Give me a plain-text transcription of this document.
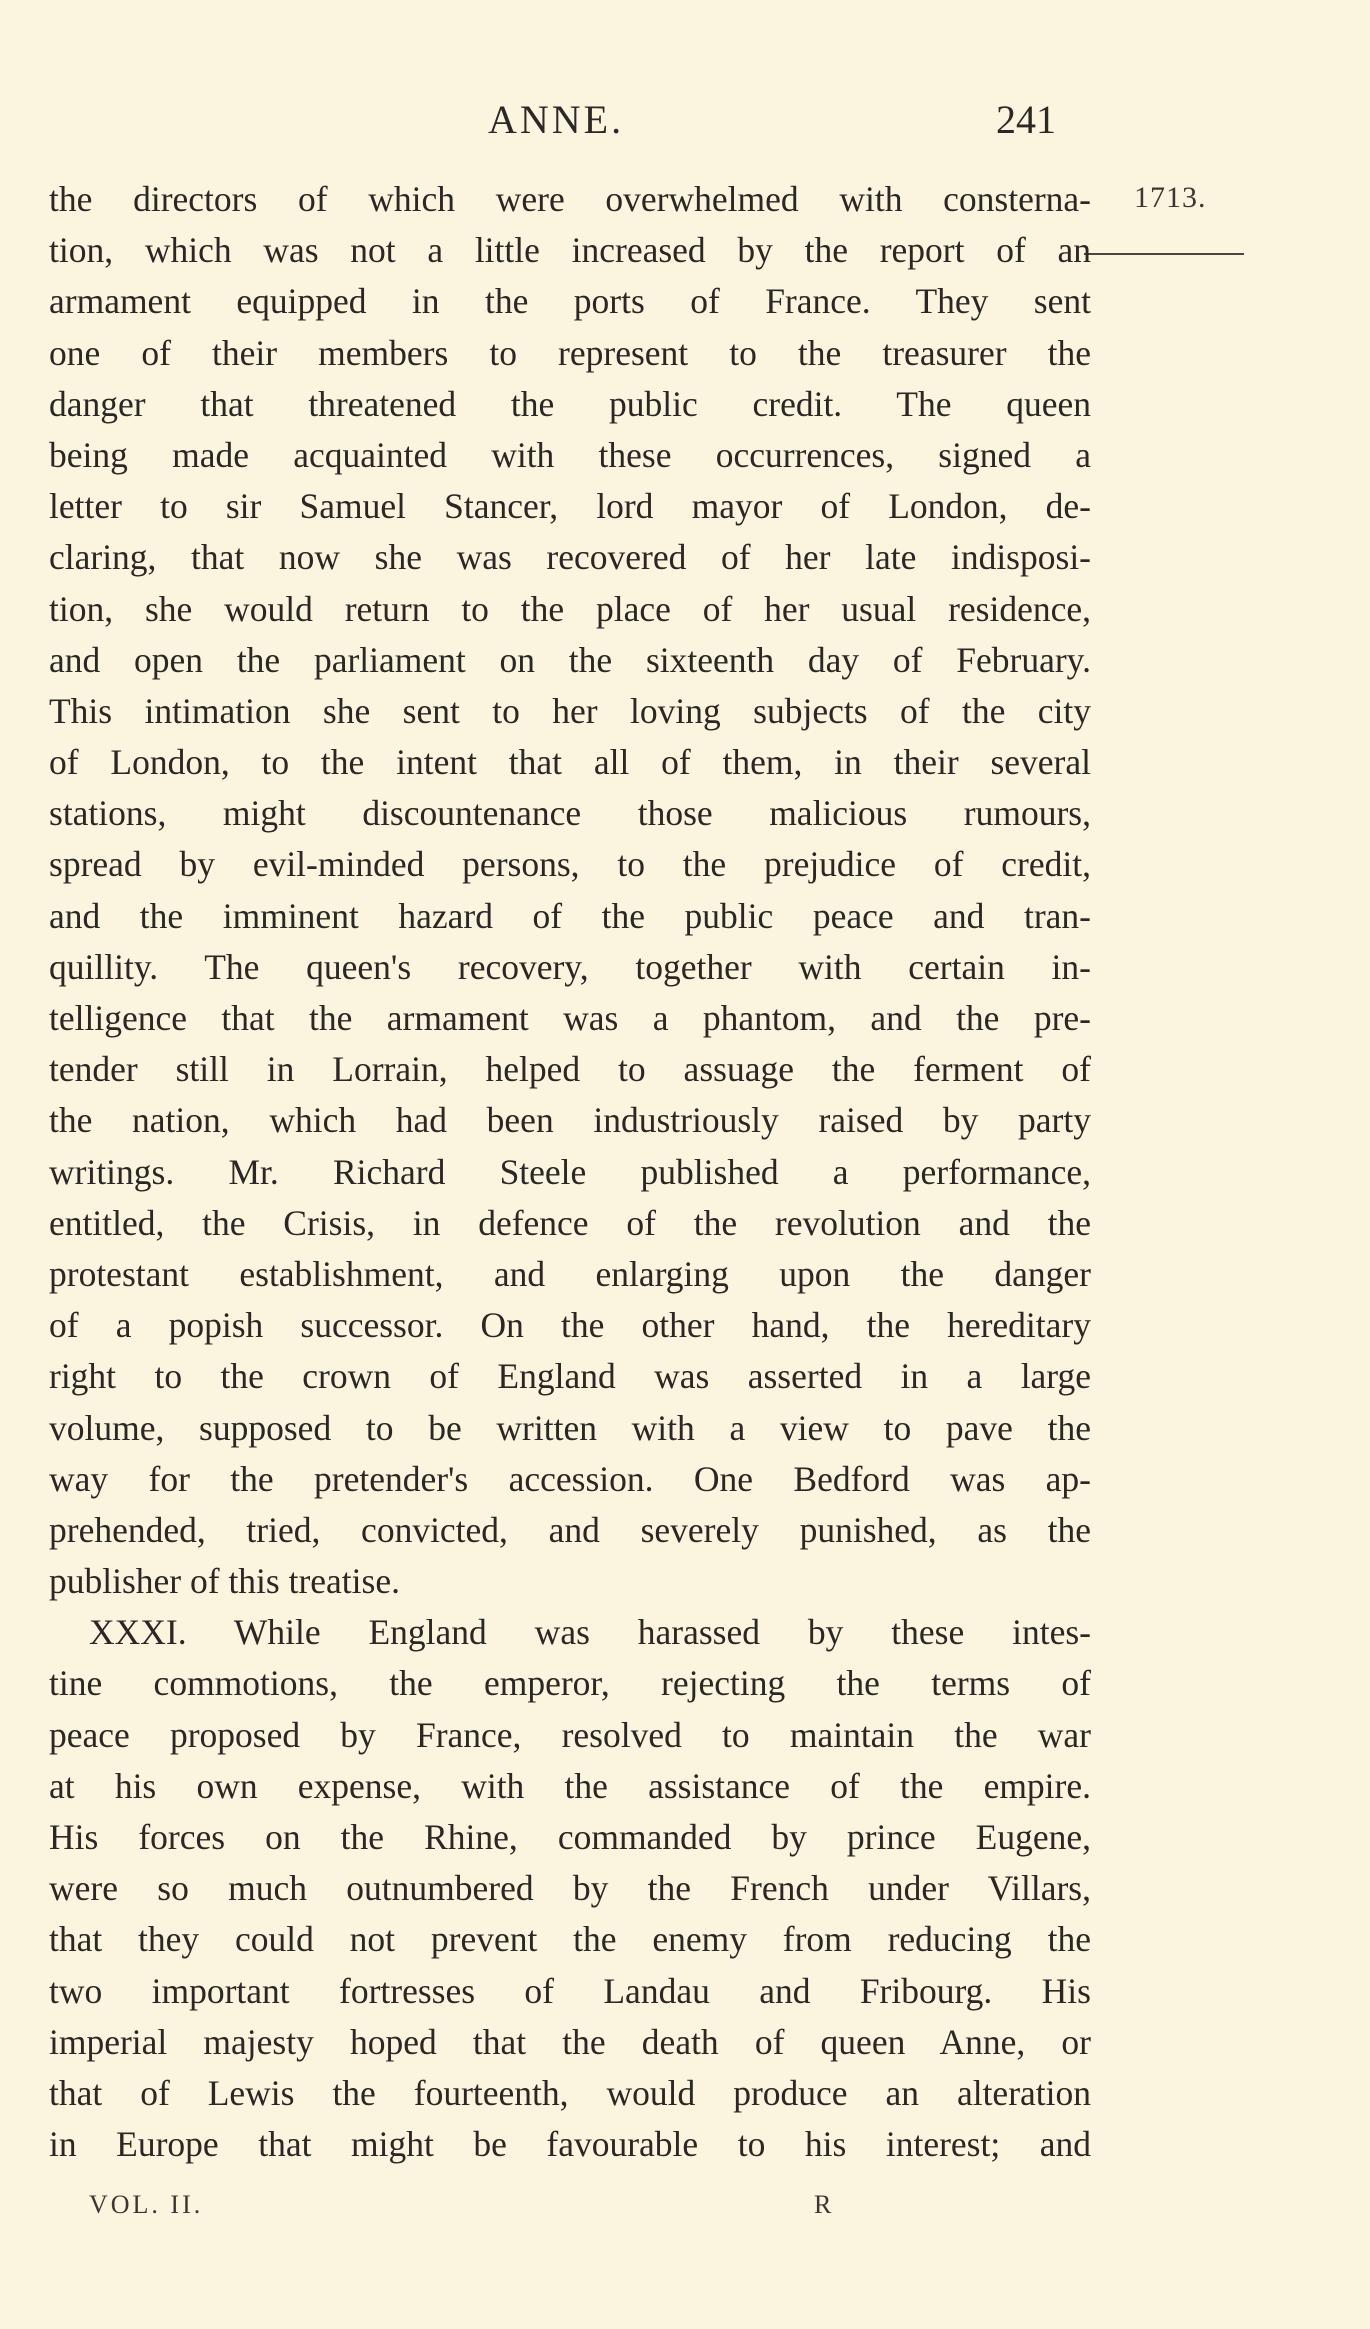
ANNE.	241
1713.
the directors of which were overwhelmed with consterna-
tion, which was not a little increased by the report of an
armament equipped in the ports of France. They sent
one of their members to represent to the treasurer the
danger that threatened the public credit. The queen
being made acquainted with these occurrences, signed a
letter to sir Samuel Stancer, lord mayor of London, de-
claring, that now she was recovered of her late indisposi-
tion, she would return to the place of her usual residence,
and open the parliament on the sixteenth day of February.
This intimation she sent to her loving subjects of the city
of London, to the intent that all of them, in their several
stations, might discountenance those malicious rumours,
spread by evil-minded persons, to the prejudice of credit,
and the imminent hazard of the public peace and tran-
quillity. The queen's recovery, together with certain in-
telligence that the armament was a phantom, and the pre-
tender still in Lorrain, helped to assuage the ferment of
the nation, which had been industriously raised by party
writings. Mr. Richard Steele published a performance,
entitled, the Crisis, in defence of the revolution and the
protestant establishment, and enlarging upon the danger
of a popish successor. On the other hand, the hereditary
right to the crown of England was asserted in a large
volume, supposed to be written with a view to pave the
way for the pretender's accession. One Bedford was ap-
prehended, tried, convicted, and severely punished, as the
publisher of this treatise.
XXXI. While England was harassed by these intes-
tine commotions, the emperor, rejecting the terms of
peace proposed by France, resolved to maintain the war
at his own expense, with the assistance of the empire.
His forces on the Rhine, commanded by prince Eugene,
were so much outnumbered by the French under Villars,
that they could not prevent the enemy from reducing the
two important fortresses of Landau and Fribourg. His
imperial majesty hoped that the death of queen Anne, or
that of Lewis the fourteenth, would produce an alteration
in Europe that might be favourable to his interest; and
VOL. II.	R
